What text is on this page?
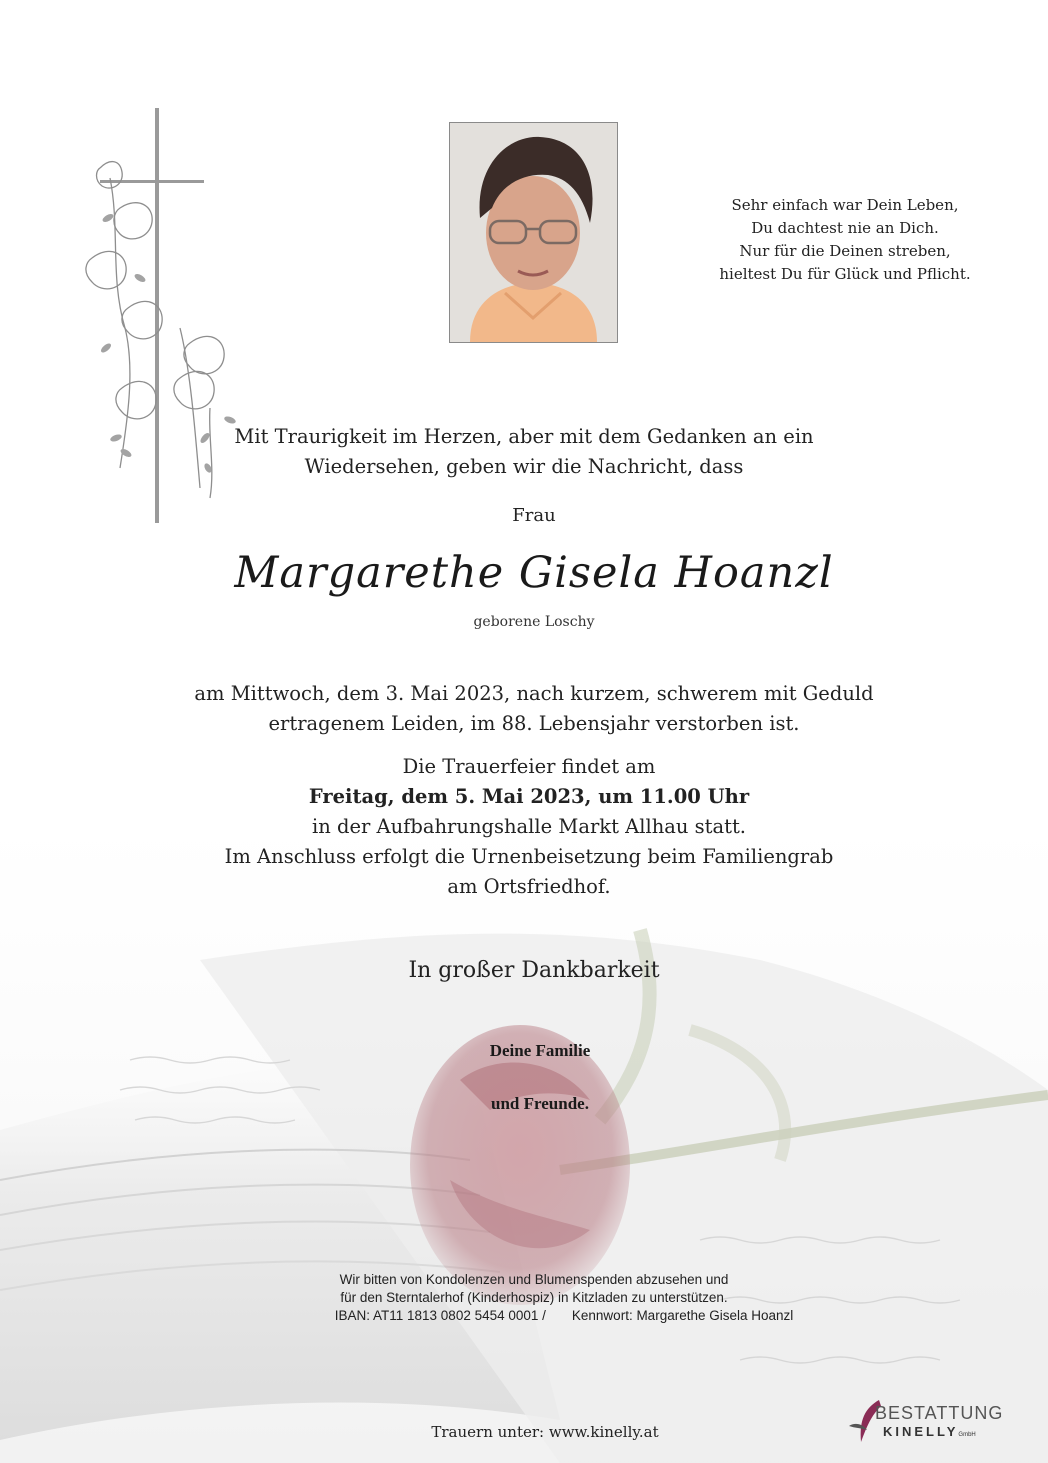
Sehr einfach war Dein Leben,
Du dachtest nie an Dich.
Nur für die Deinen streben,
hieltest Du für Glück und Pflicht.
Mit Traurigkeit im Herzen, aber mit dem Gedanken an ein
Wiedersehen, geben wir die Nachricht, dass
Frau
Margarethe Gisela Hoanzl
geborene Loschy
am Mittwoch, dem 3. Mai 2023, nach kurzem, schwerem mit Geduld
ertragenem Leiden, im 88. Lebensjahr verstorben ist.
Die Trauerfeier findet am
Freitag, dem 5. Mai 2023, um 11.00 Uhr
in der Aufbahrungshalle Markt Allhau statt.
Im Anschluss erfolgt die Urnenbeisetzung beim Familiengrab
am Ortsfriedhof.
In großer Dankbarkeit
Deine Familie
und Freunde.
Wir bitten von Kondolenzen und Blumenspenden abzusehen und
für den Sterntalerhof (Kinderhospiz) in Kitzladen zu unterstützen.
IBAN: AT11 1813 0802 5454 0001 / Kennwort: Margarethe Gisela Hoanzl
Trauern unter: www.kinelly.at
BESTATTUNG
KINELLYGmbH
